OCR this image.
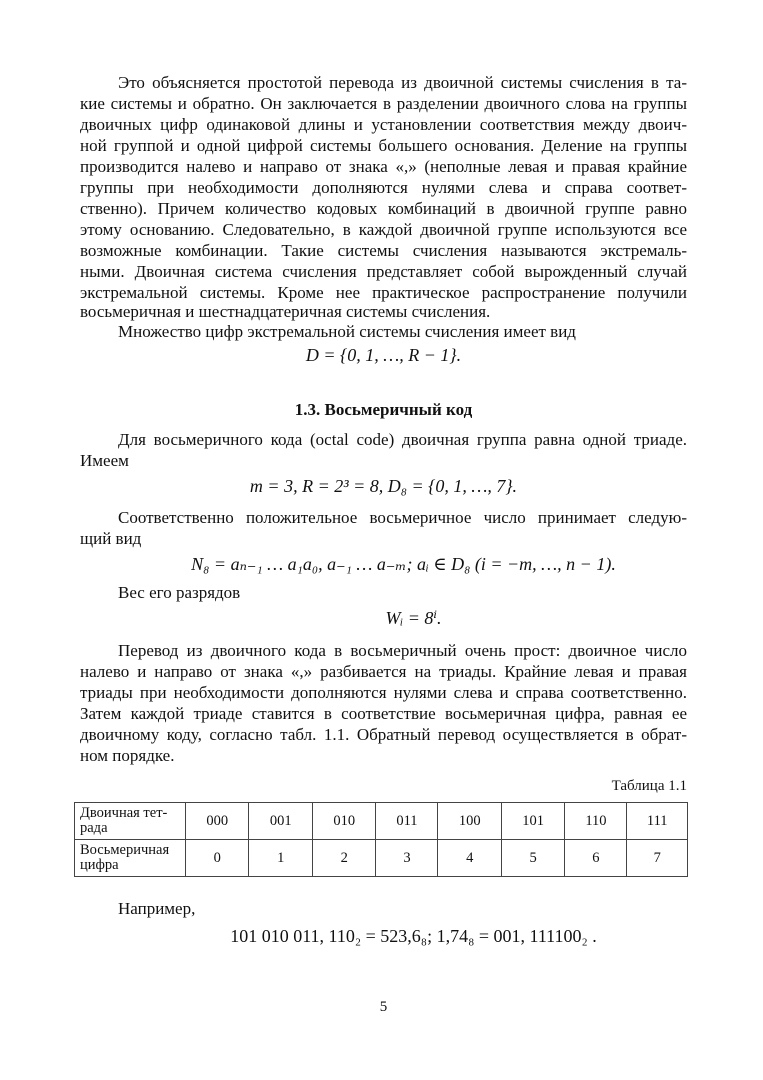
Это объясняется простотой перевода из двоичной системы счисления в та-
кие системы и обратно. Он заключается в разделении двоичного слова на группы
двоичных цифр одинаковой длины и установлении соответствия между двоич-
ной группой и одной цифрой системы большего основания. Деление на группы
производится налево и направо от знака «,» (неполные левая и правая крайние
группы при необходимости дополняются нулями слева и справа соответ-
ственно). Причем количество кодовых комбинаций в двоичной группе равно
этому основанию. Следовательно, в каждой двоичной группе используются все
возможные комбинации. Такие системы счисления называются экстремаль-
ными. Двоичная система счисления представляет собой вырожденный случай
экстремальной системы. Кроме нее практическое распространение получили
восьмеричная и шестнадцатеричная системы счисления.
Множество цифр экстремальной системы счисления имеет вид
D = {0, 1, …, R − 1}.
1.3. Восьмеричный код
Для восьмеричного кода (octal code) двоичная группа равна одной триаде.
Имеем
m = 3, R = 2³ = 8, D₈ = {0, 1, …, 7}.
Соответственно положительное восьмеричное число принимает следую-
щий вид
N₈ = aₙ₋₁ … a₁a₀, a₋₁ … a₋ₘ; aᵢ ∈ D₈ (i = −m, …, n − 1).
Вес его разрядов
Wᵢ = 8ⁱ.
Перевод из двоичного кода в восьмеричный очень прост: двоичное число
налево и направо от знака «,» разбивается на триады. Крайние левая и правая
триады при необходимости дополняются нулями слева и справа соответственно.
Затем каждой триаде ставится в соответствие восьмеричная цифра, равная ее
двоичному коду, согласно табл. 1.1. Обратный перевод осуществляется в обрат-
ном порядке.
Таблица 1.1
Двоичная тет-рада	000	001	010	011	100	101	110	111
Восьмеричная цифра	0	1	2	3	4	5	6	7
Например,
101 010 011, 110₂ = 523,6₈; 1,74₈ = 001, 111100₂ .
5
